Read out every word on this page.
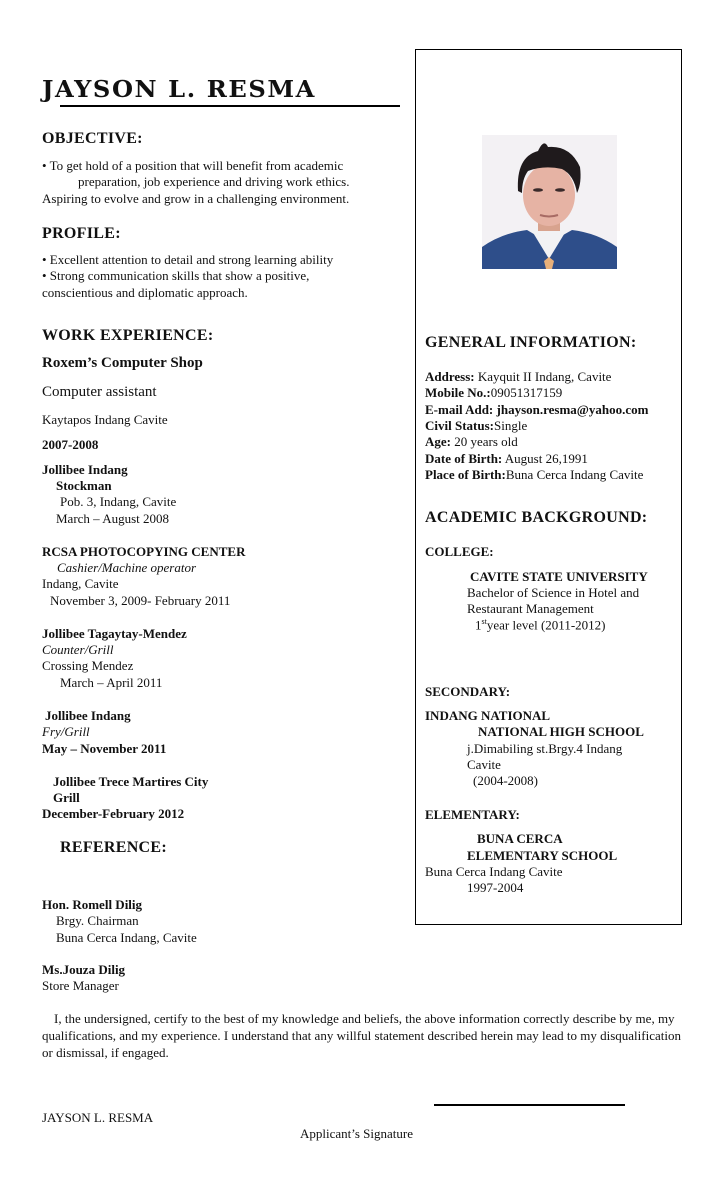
JAYSON L. RESMA
OBJECTIVE:
• To get hold of a position that will benefit from academic
preparation, job experience and driving work ethics.
Aspiring to evolve and grow in a challenging environment.
PROFILE:
• Excellent attention to detail and strong learning ability
• Strong communication skills that show a positive,
conscientious and diplomatic approach.
WORK EXPERIENCE:
Roxem’s Computer Shop
Computer assistant
Kaytapos Indang Cavite
2007-2008
Jollibee Indang
Stockman
Pob. 3, Indang, Cavite
March – August 2008
RCSA PHOTOCOPYING CENTER
Cashier/Machine operator
Indang, Cavite
November 3, 2009- February 2011
Jollibee Tagaytay-Mendez
Counter/Grill
Crossing Mendez
March – April 2011
Jollibee Indang
Fry/Grill
May – November 2011
Jollibee Trece Martires City
Grill
December-February 2012
REFERENCE:
Hon. Romell Dilig
Brgy. Chairman
Buna Cerca Indang, Cavite
Ms.Jouza Dilig
Store Manager
GENERAL INFORMATION:
Address: Kayquit II Indang, Cavite
Mobile No.:09051317159
E-mail Add: jhayson.resma@yahoo.com
Civil Status:Single
Age: 20 years old
Date of Birth: August 26,1991
Place of Birth:Buna Cerca Indang Cavite
ACADEMIC BACKGROUND:
COLLEGE:
CAVITE STATE UNIVERSITY
Bachelor of Science in Hotel and
Restaurant Management
1styear level (2011-2012)
SECONDARY:
INDANG NATIONAL
NATIONAL HIGH SCHOOL
j.Dimabiling st.Brgy.4 Indang
Cavite
(2004-2008)
ELEMENTARY:
BUNA CERCA
ELEMENTARY SCHOOL
Buna Cerca Indang Cavite
1997-2004
I, the undersigned, certify to the best of my knowledge and beliefs, the above information correctly describe by me, my qualifications, and my experience. I understand that any willful statement described herein may lead to my disqualification or dismissal, if engaged.
JAYSON L. RESMA
Applicant’s Signature
